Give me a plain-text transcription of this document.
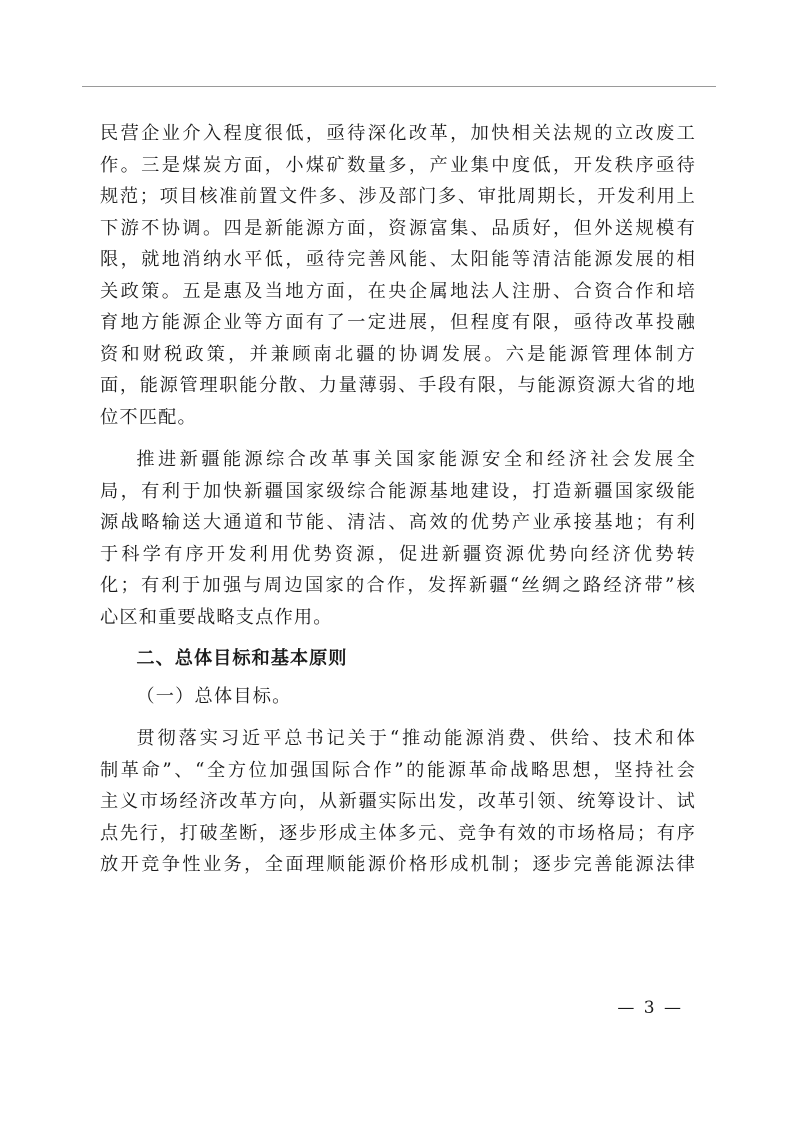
民营企业介入程度很低，亟待深化改革，加快相关法规的立改废工

作。三是煤炭方面，小煤矿数量多，产业集中度低，开发秩序亟待

规范；项目核准前置文件多、涉及部门多、审批周期长，开发利用上

下游不协调。四是新能源方面，资源富集、品质好，但外送规模有

限，就地消纳水平低，亟待完善风能、太阳能等清洁能源发展的相

关政策。五是惠及当地方面，在央企属地法人注册、合资合作和培

育地方能源企业等方面有了一定进展，但程度有限，亟待改革投融

资和财税政策，并兼顾南北疆的协调发展。六是能源管理体制方

面，能源管理职能分散、力量薄弱、手段有限，与能源资源大省的地

位不匹配。

推进新疆能源综合改革事关国家能源安全和经济社会发展全

局，有利于加快新疆国家级综合能源基地建设，打造新疆国家级能

源战略输送大通道和节能、清洁、高效的优势产业承接基地；有利

于科学有序开发利用优势资源，促进新疆资源优势向经济优势转

化；有利于加强与周边国家的合作，发挥新疆“丝绸之路经济带”核

心区和重要战略支点作用。

二、总体目标和基本原则

（一）总体目标。

贯彻落实习近平总书记关于“推动能源消费、供给、技术和体

制革命”、“全方位加强国际合作”的能源革命战略思想，坚持社会

主义市场经济改革方向，从新疆实际出发，改革引领、统筹设计、试

点先行，打破垄断，逐步形成主体多元、竞争有效的市场格局；有序

放开竞争性业务，全面理顺能源价格形成机制；逐步完善能源法律

— 3 —
